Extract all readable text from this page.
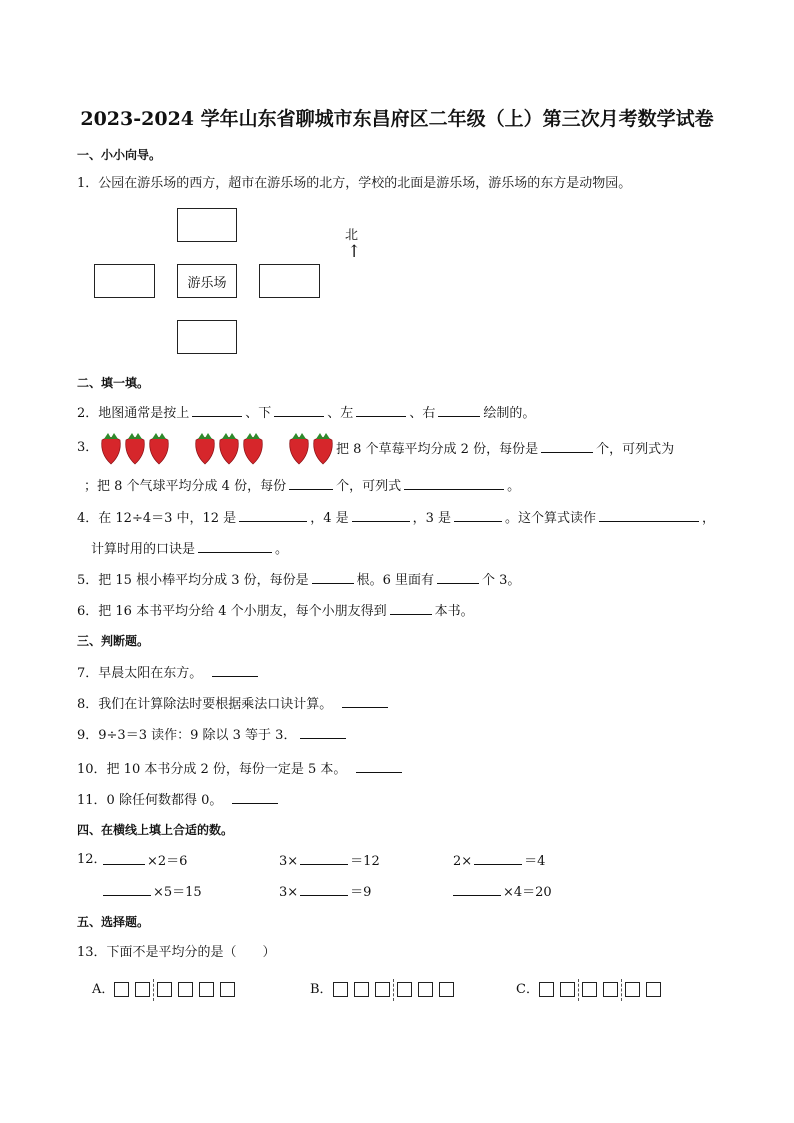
2023-2024 学年山东省聊城市东昌府区二年级（上）第三次月考数学试卷
一、小小向导。
1．公园在游乐场的西方，超市在游乐场的北方，学校的北面是游乐场，游乐场的东方是动物园。
游乐场
北
↑
二、填一填。
2．地图通常是按上	、下	、左	、右	绘制的。
3．	把 8 个草莓平均分成 2 份，每份是	个，可列式为
；把 8 个气球平均分成 4 份，每份	个，可列式	。
4．在 12÷4＝3 中，12 是	，4 是	，3 是	。这个算式读作	，
计算时用的口诀是	。
5．把 15 根小棒平均分成 3 份，每份是	根。6 里面有	个 3。
6．把 16 本书平均分给 4 个小朋友，每个小朋友得到	本书。
三、判断题。
7．早晨太阳在东方。
8．我们在计算除法时要根据乘法口诀计算。
9．9÷3＝3 读作：9 除以 3 等于 3．
10．把 10 本书分成 2 份，每份一定是 5 本。
11．0 除任何数都得 0。
四、在横线上填上合适的数。
12．	×2＝6	3×	＝12	2×	＝4
×5＝15	3×	＝9	×4＝20
五、选择题。
13．下面不是平均分的是（　　）
A．	B．	C．
